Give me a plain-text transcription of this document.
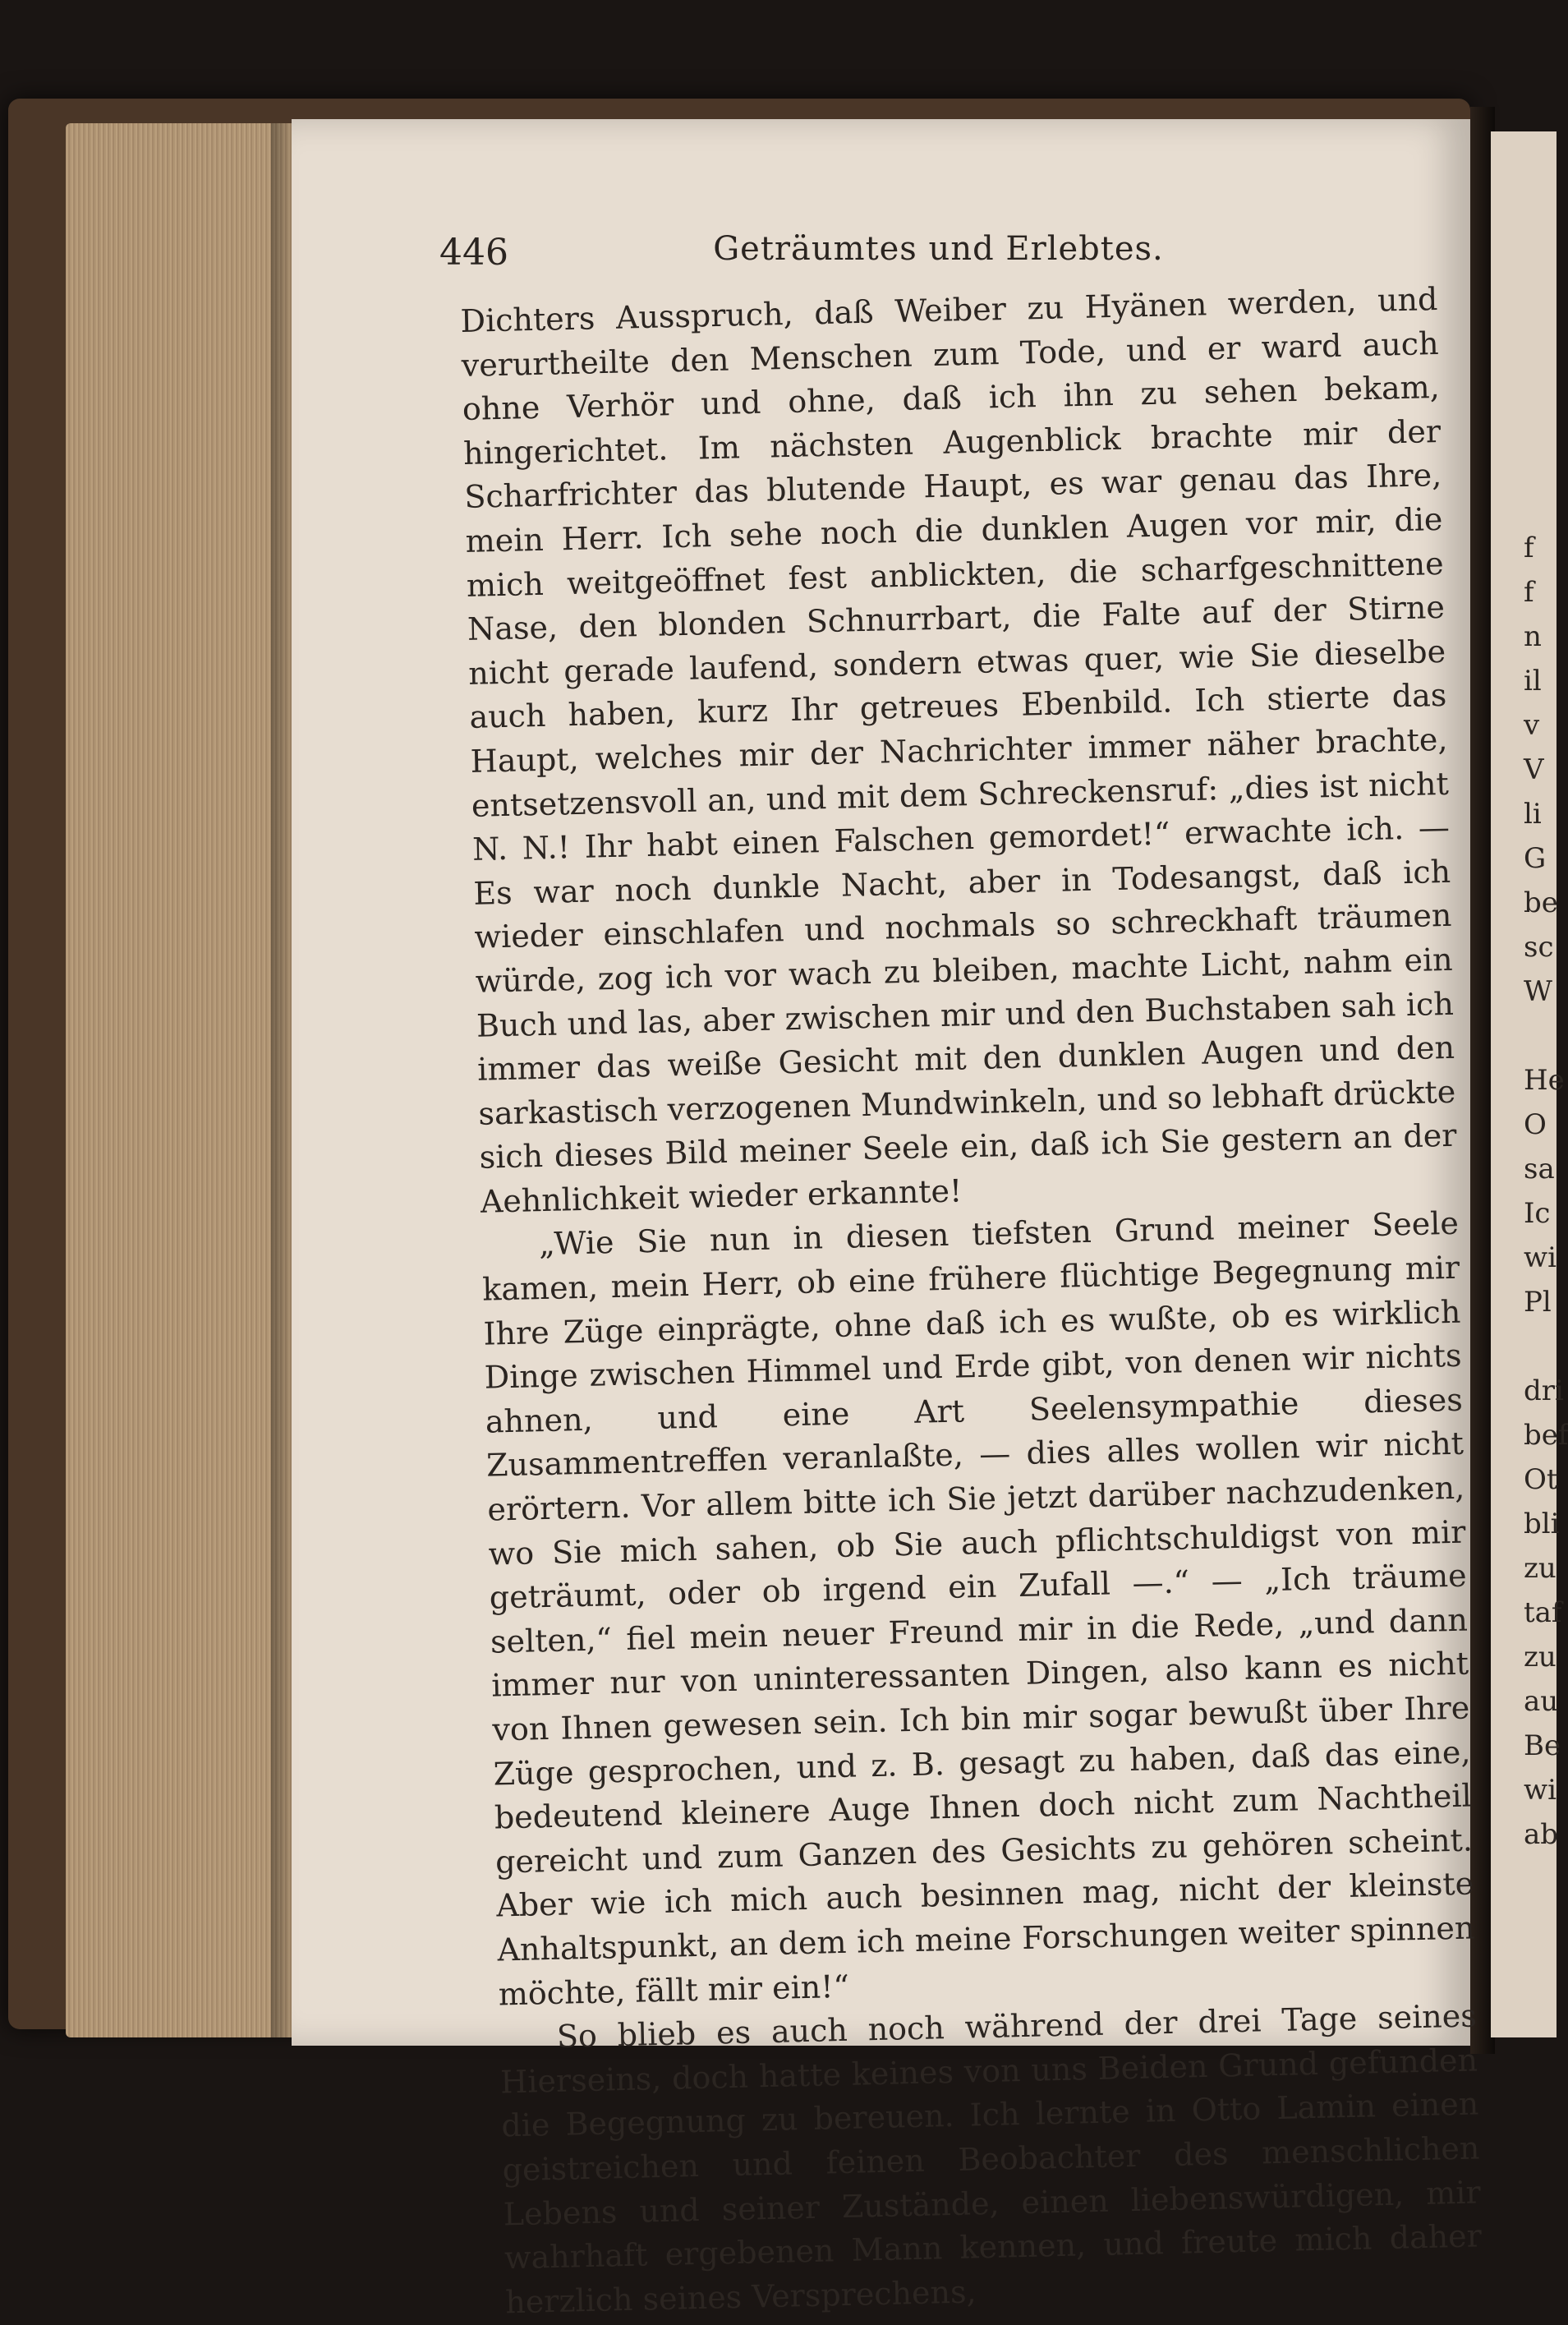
446	Geträumtes und Erlebtes.

Dichters Ausspruch, daß Weiber zu Hyänen werden, und verurtheilte den Menschen zum Tode, und er ward auch ohne Verhör und ohne, daß ich ihn zu sehen bekam, hingerichtet. Im nächsten Augenblick brachte mir der Scharfrichter das blutende Haupt, es war genau das Ihre, mein Herr. Ich sehe noch die dunklen Augen vor mir, die mich weitgeöffnet fest anblickten, die scharfgeschnittene Nase, den blonden Schnurrbart, die Falte auf der Stirne nicht gerade laufend, sondern etwas quer, wie Sie dieselbe auch haben, kurz Ihr getreues Ebenbild. Ich stierte das Haupt, welches mir der Nachrichter immer näher brachte, entsetzensvoll an, und mit dem Schreckensruf: „dies ist nicht N. N.! Ihr habt einen Falschen gemordet!“ erwachte ich. — Es war noch dunkle Nacht, aber in Todesangst, daß ich wieder einschlafen und nochmals so schreckhaft träumen würde, zog ich vor wach zu bleiben, machte Licht, nahm ein Buch und las, aber zwischen mir und den Buchstaben sah ich immer das weiße Gesicht mit den dunklen Augen und den sarkastisch verzogenen Mundwinkeln, und so lebhaft drückte sich dieses Bild meiner Seele ein, daß ich Sie gestern an der Aehnlichkeit wieder erkannte!

„Wie Sie nun in diesen tiefsten Grund meiner Seele kamen, mein Herr, ob eine frühere flüchtige Begegnung mir Ihre Züge einprägte, ohne daß ich es wußte, ob es wirklich Dinge zwischen Himmel und Erde gibt, von denen wir nichts ahnen, und eine Art Seelensympathie dieses Zusammentreffen veranlaßte, — dies alles wollen wir nicht erörtern. Vor allem bitte ich Sie jetzt darüber nachzudenken, wo Sie mich sahen, ob Sie auch pflichtschuldigst von mir geträumt, oder ob irgend ein Zufall —.“ — „Ich träume selten,“ fiel mein neuer Freund mir in die Rede, „und dann immer nur von uninteressanten Dingen, also kann es nicht von Ihnen gewesen sein. Ich bin mir sogar bewußt über Ihre Züge gesprochen, und z. B. gesagt zu haben, daß das eine, bedeutend kleinere Auge Ihnen doch nicht zum Nachtheil gereicht und zum Ganzen des Gesichts zu gehören scheint. Aber wie ich mich auch besinnen mag, nicht der kleinste Anhaltspunkt, an dem ich meine Forschungen weiter spinnen möchte, fällt mir ein!“

So blieb es auch noch während der drei Tage seines Hierseins, doch hatte keines von uns Beiden Grund gefunden die Begegnung zu bereuen. Ich lernte in Otto Lamin einen geistreichen und feinen Beobachter des menschlichen Lebens und seiner Zustände, einen liebenswürdigen, mir wahrhaft ergebenen Mann kennen, und freute mich daher herzlich seines Versprechens,

f
f
n
il
v
V
li
G
be
sc
W

He
O
sa
Ic
wi
Pl

dri
bef
Ot
bli
zu
taf
zu
au
Be
wi
ab
